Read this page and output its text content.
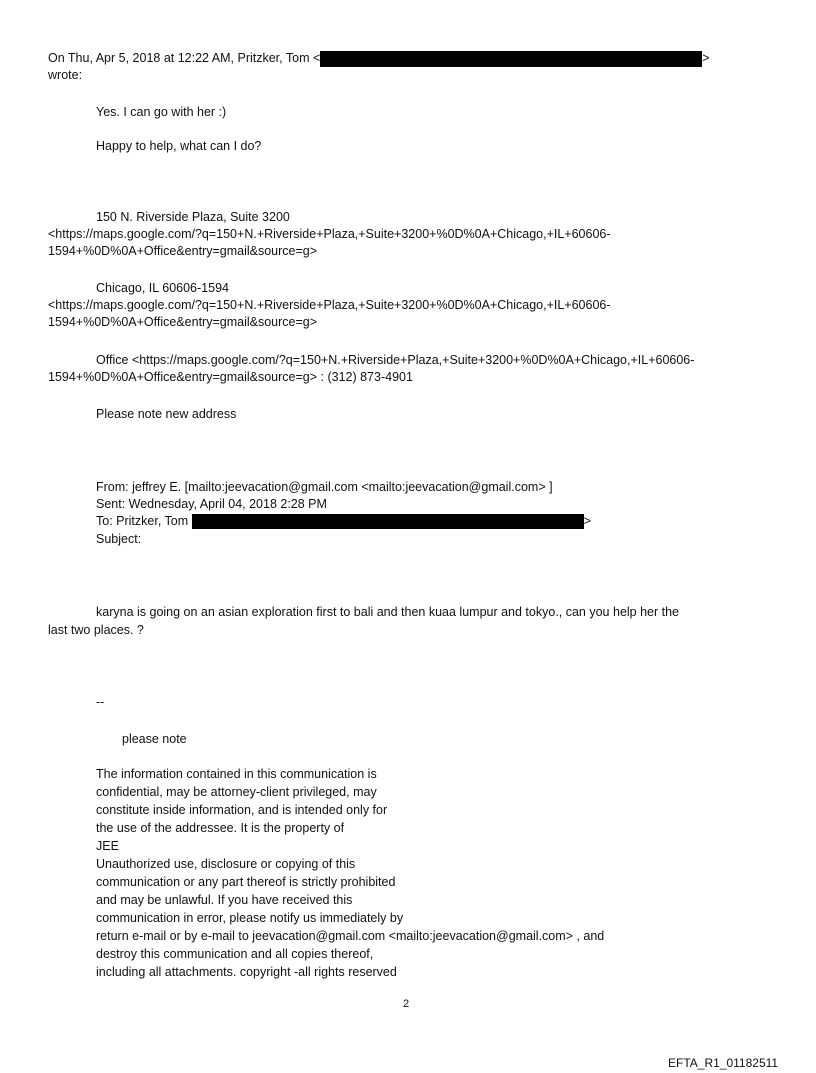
On Thu, Apr 5, 2018 at 12:22 AM, Pritzker, Tom <	>
wrote:
Yes. I can go with her :)
Happy to help, what can I do?
150 N. Riverside Plaza, Suite 3200
<https://maps.google.com/?q=150+N.+Riverside+Plaza,+Suite+3200+%0D%0A+Chicago,+IL+60606-
1594+%0D%0A+Office&entry=gmail&source=g>
Chicago, IL 60606-1594
<https://maps.google.com/?q=150+N.+Riverside+Plaza,+Suite+3200+%0D%0A+Chicago,+IL+60606-
1594+%0D%0A+Office&entry=gmail&source=g>
Office <https://maps.google.com/?q=150+N.+Riverside+Plaza,+Suite+3200+%0D%0A+Chicago,+IL+60606-
1594+%0D%0A+Office&entry=gmail&source=g> : (312) 873-4901
Please note new address
From: jeffrey E. [mailto:jeevacation@gmail.com <mailto:jeevacation@gmail.com> ]
Sent: Wednesday, April 04, 2018 2:28 PM
To: Pritzker, Tom	>
Subject:
karyna is going on an asian exploration first to bali and then kuaa lumpur and tokyo., can you help her the
last two places. ?
--
please note
The information contained in this communication is
confidential, may be attorney-client privileged, may
constitute inside information, and is intended only for
the use of the addressee. It is the property of
JEE
Unauthorized use, disclosure or copying of this
communication or any part thereof is strictly prohibited
and may be unlawful. If you have received this
communication in error, please notify us immediately by
return e-mail or by e-mail to jeevacation@gmail.com <mailto:jeevacation@gmail.com> , and
destroy this communication and all copies thereof,
including all attachments. copyright -all rights reserved
2
EFTA_R1_01182511
